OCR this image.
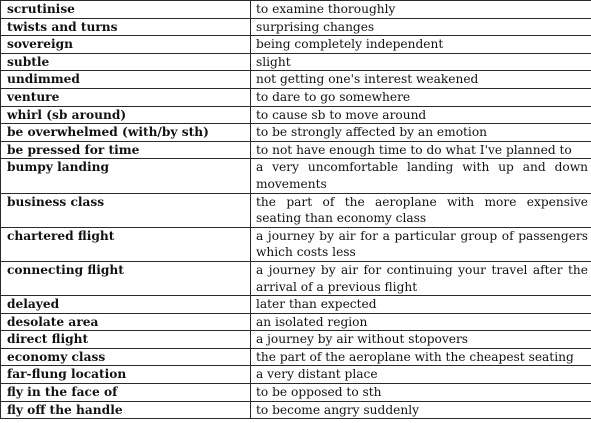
scrutinise	to examine thoroughly
twists and turns	surprising changes
sovereign	being completely independent
subtle	slight
undimmed	not getting one's interest weakened
venture	to dare to go somewhere
whirl (sb around)	to cause sb to move around
be overwhelmed (with/by sth)	to be strongly affected by an emotion
be pressed for time	to not have enough time to do what I've planned to
bumpy landing	a very uncomfortable landing with up and down movements
business class	the part of the aeroplane with more expensive seating than economy class
chartered flight	a journey by air for a particular group of passengers which costs less
connecting flight	a journey by air for continuing your travel after the arrival of a previous flight
delayed	later than expected
desolate area	an isolated region
direct flight	a journey by air without stopovers
economy class	the part of the aeroplane with the cheapest seating
far-flung location	a very distant place
fly in the face of	to be opposed to sth
fly off the handle	to become angry suddenly
